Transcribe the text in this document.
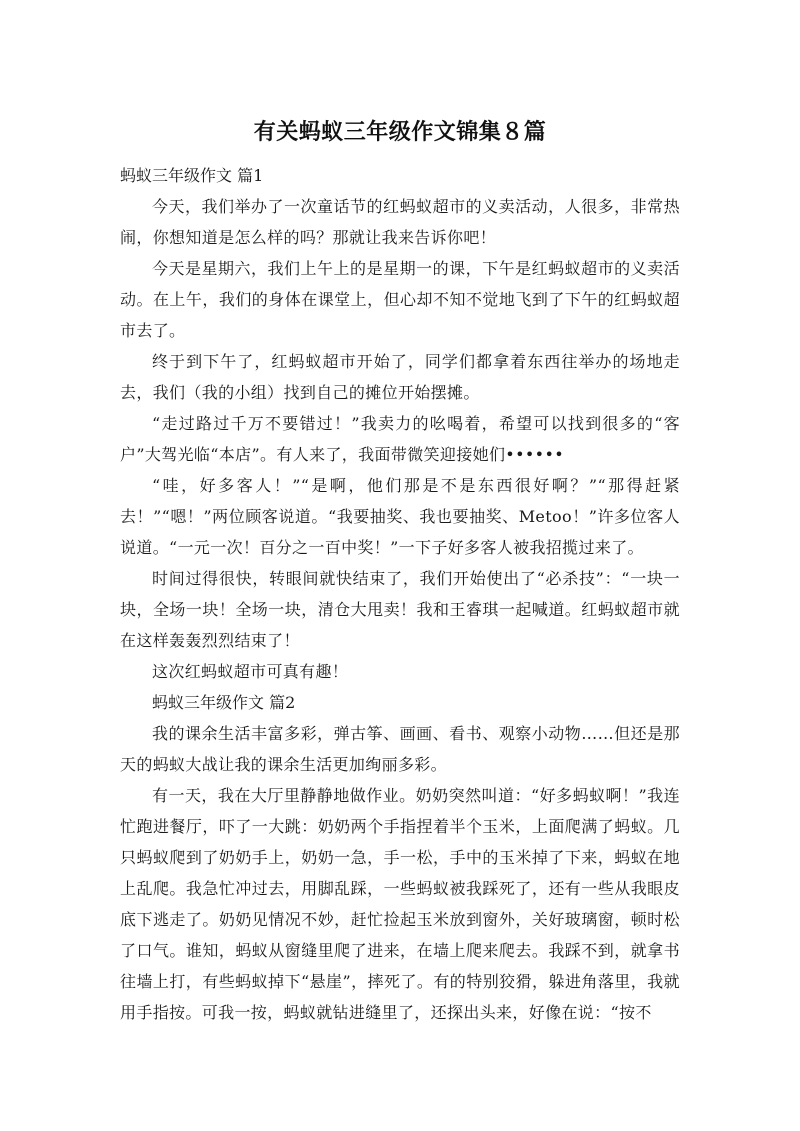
有关蚂蚁三年级作文锦集８篇

蚂蚁三年级作文 篇1

今天，我们举办了一次童话节的红蚂蚁超市的义卖活动，人很多，非常热闹，你想知道是怎么样的吗？那就让我来告诉你吧！

今天是星期六，我们上午上的是星期一的课，下午是红蚂蚁超市的义卖活动。在上午，我们的身体在课堂上，但心却不知不觉地飞到了下午的红蚂蚁超市去了。

终于到下午了，红蚂蚁超市开始了，同学们都拿着东西往举办的场地走去，我们（我的小组）找到自己的摊位开始摆摊。

“走过路过千万不要错过！”我卖力的吆喝着，希望可以找到很多的“客户”大驾光临“本店”。有人来了，我面带微笑迎接她们••••••

“哇，好多客人！”“是啊，他们那是不是东西很好啊？”“那得赶紧去！”“嗯！”两位顾客说道。“我要抽奖、我也要抽奖、Metoo！”许多位客人说道。“一元一次！百分之一百中奖！”一下子好多客人被我招揽过来了。

时间过得很快，转眼间就快结束了，我们开始使出了“必杀技”：“一块一块，全场一块！全场一块，清仓大甩卖！我和王睿琪一起喊道。红蚂蚁超市就在这样轰轰烈烈结束了！

这次红蚂蚁超市可真有趣！

蚂蚁三年级作文 篇2

我的课余生活丰富多彩，弹古筝、画画、看书、观察小动物……但还是那天的蚂蚁大战让我的课余生活更加绚丽多彩。

有一天，我在大厅里静静地做作业。奶奶突然叫道：“好多蚂蚁啊！”我连忙跑进餐厅，吓了一大跳：奶奶两个手指捏着半个玉米，上面爬满了蚂蚁。几只蚂蚁爬到了奶奶手上，奶奶一急，手一松，手中的玉米掉了下来，蚂蚁在地上乱爬。我急忙冲过去，用脚乱踩，一些蚂蚁被我踩死了，还有一些从我眼皮底下逃走了。奶奶见情况不妙，赶忙捡起玉米放到窗外，关好玻璃窗，顿时松了口气。谁知，蚂蚁从窗缝里爬了进来，在墙上爬来爬去。我踩不到，就拿书往墙上打，有些蚂蚁掉下“悬崖”，摔死了。有的特别狡猾，躲进角落里，我就用手指按。可我一按，蚂蚁就钻进缝里了，还探出头来，好像在说：“按不
